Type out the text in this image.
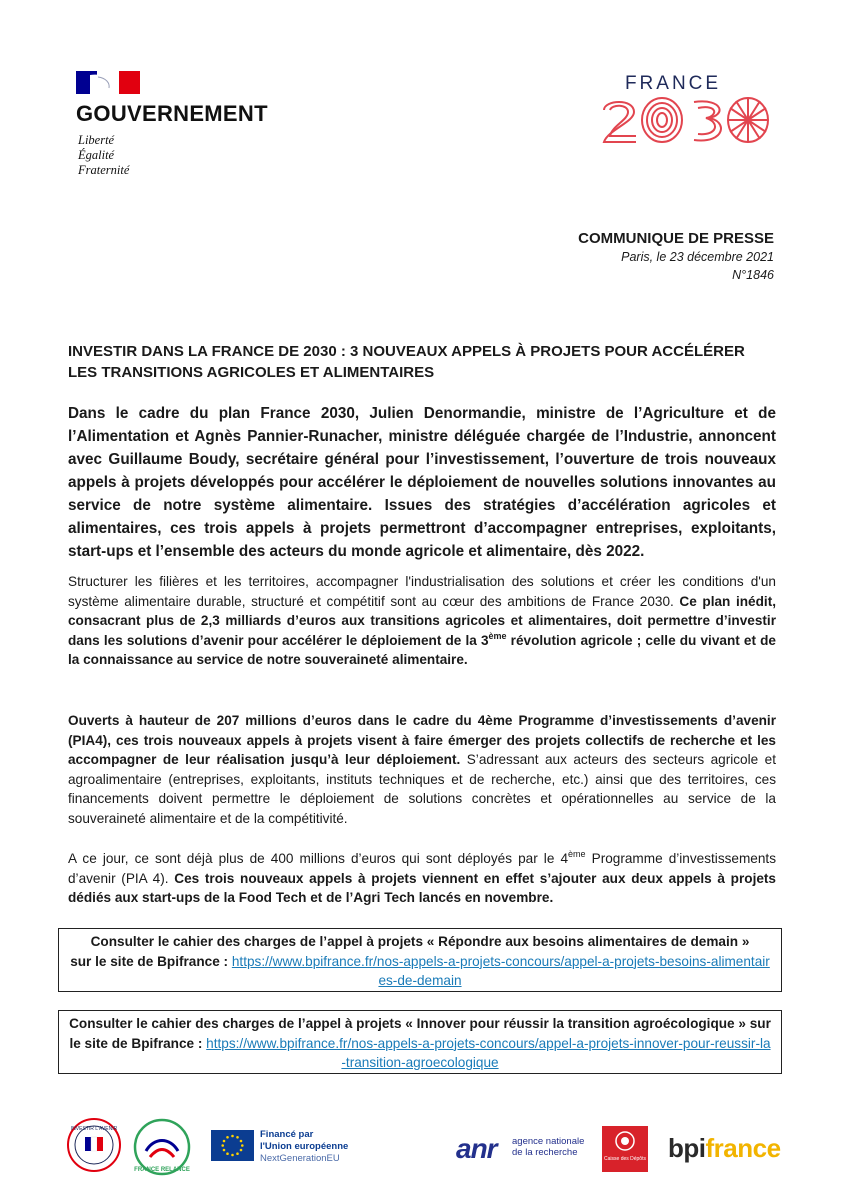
GOUVERNEMENT
Liberté
Égalité
Fraternité
FRANCE
COMMUNIQUE DE PRESSE
Paris, le 23 décembre 2021
N°1846
INVESTIR DANS LA FRANCE DE 2030 : 3 NOUVEAUX APPELS À PROJETS POUR ACCÉLÉRER LES TRANSITIONS AGRICOLES ET ALIMENTAIRES
Dans le cadre du plan France 2030, Julien Denormandie, ministre de l’Agriculture et de l’Alimentation et Agnès Pannier-Runacher, ministre déléguée chargée de l’Industrie, annoncent avec Guillaume Boudy, secrétaire général pour l’investissement, l’ouverture de trois nouveaux appels à projets développés pour accélérer le déploiement de nouvelles solutions innovantes au service de notre système alimentaire. Issues des stratégies d’accélération agricoles et alimentaires, ces trois appels à projets permettront d’accompagner entreprises, exploitants, start-ups et l’ensemble des acteurs du monde agricole et alimentaire, dès 2022.
Structurer les filières et les territoires, accompagner l'industrialisation des solutions et créer les conditions d'un système alimentaire durable, structuré et compétitif sont au cœur des ambitions de France 2030. Ce plan inédit, consacrant plus de 2,3 milliards d’euros aux transitions agricoles et alimentaires, doit permettre d’investir dans les solutions d’avenir pour accélérer le déploiement de la 3ème révolution agricole ; celle du vivant et de la connaissance au service de notre souveraineté alimentaire.
Ouverts à hauteur de 207 millions d’euros dans le cadre du 4ème Programme d’investissements d’avenir (PIA4), ces trois nouveaux appels à projets visent à faire émerger des projets collectifs de recherche et les accompagner de leur réalisation jusqu’à leur déploiement. S’adressant aux acteurs des secteurs agricole et agroalimentaire (entreprises, exploitants, instituts techniques et de recherche, etc.) ainsi que des territoires, ces financements doivent permettre le déploiement de solutions concrètes et opérationnelles au service de la souveraineté alimentaire et de la compétitivité.
A ce jour, ce sont déjà plus de 400 millions d’euros qui sont déployés par le 4ème Programme d’investissements d’avenir (PIA 4). Ces trois nouveaux appels à projets viennent en effet s’ajouter aux deux appels à projets dédiés aux start-ups de la Food Tech et de l’Agri Tech lancés en novembre.
Consulter le cahier des charges de l’appel à projets « Répondre aux besoins alimentaires de demain »
sur le site de Bpifrance : https://www.bpifrance.fr/nos-appels-a-projets-concours/appel-a-projets-besoins-alimentaires-de-demain
Consulter le cahier des charges de l’appel à projets « Innover pour réussir la transition agroécologique » sur le site de Bpifrance : https://www.bpifrance.fr/nos-appels-a-projets-concours/appel-a-projets-innover-pour-reussir-la-transition-agroecologique
INVESTIR L'AVENIR
FRANCE RELANCE
Financé par
l'Union européenne
NextGenerationEU	anr agence nationale
de la recherche
Caisse des Dépôts bpifrance
